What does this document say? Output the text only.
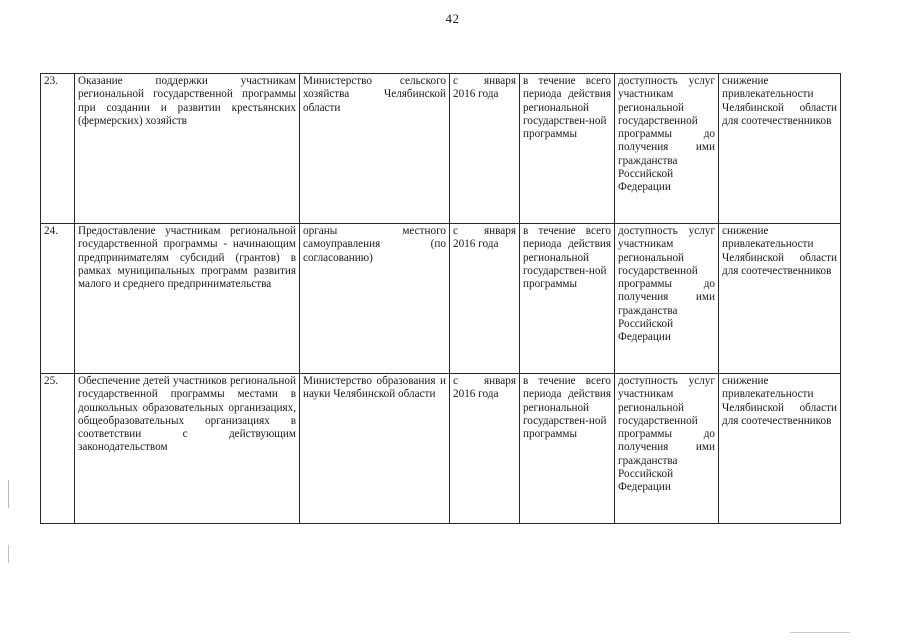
42
23.	Оказание поддержки участникам региональной государственной программы при создании и развитии крестьянских (фермерских) хозяйств	Министерство сельского хозяйства Челябинской области	с января 2016 года	в течение всего периода действия региональной государствен-ной программы	доступность услуг участникам региональной государственной программы до получения ими гражданства Российской Федерации	снижение привлекательности Челябинской области для соотечественников
24.	Предоставление участникам региональной государственной программы - начинающим предпринимателям субсидий (грантов) в рамках муниципальных программ развития малого и среднего предпринимательства	органы местного самоуправления (по согласованию)	с января 2016 года	в течение всего периода действия региональной государствен-ной программы	доступность услуг участникам региональной государственной программы до получения ими гражданства Российской Федерации	снижение привлекательности Челябинской области для соотечественников
25.	Обеспечение детей участников региональной государственной программы местами в дошкольных образовательных организациях, общеобразовательных организациях в соответствии с действующим законодательством	Министерство образования и науки Челябинской области	с января 2016 года	в течение всего периода действия региональной государствен-ной программы	доступность услуг участникам региональной государственной программы до получения ими гражданства Российской Федерации	снижение привлекательности Челябинской области для соотечественников
